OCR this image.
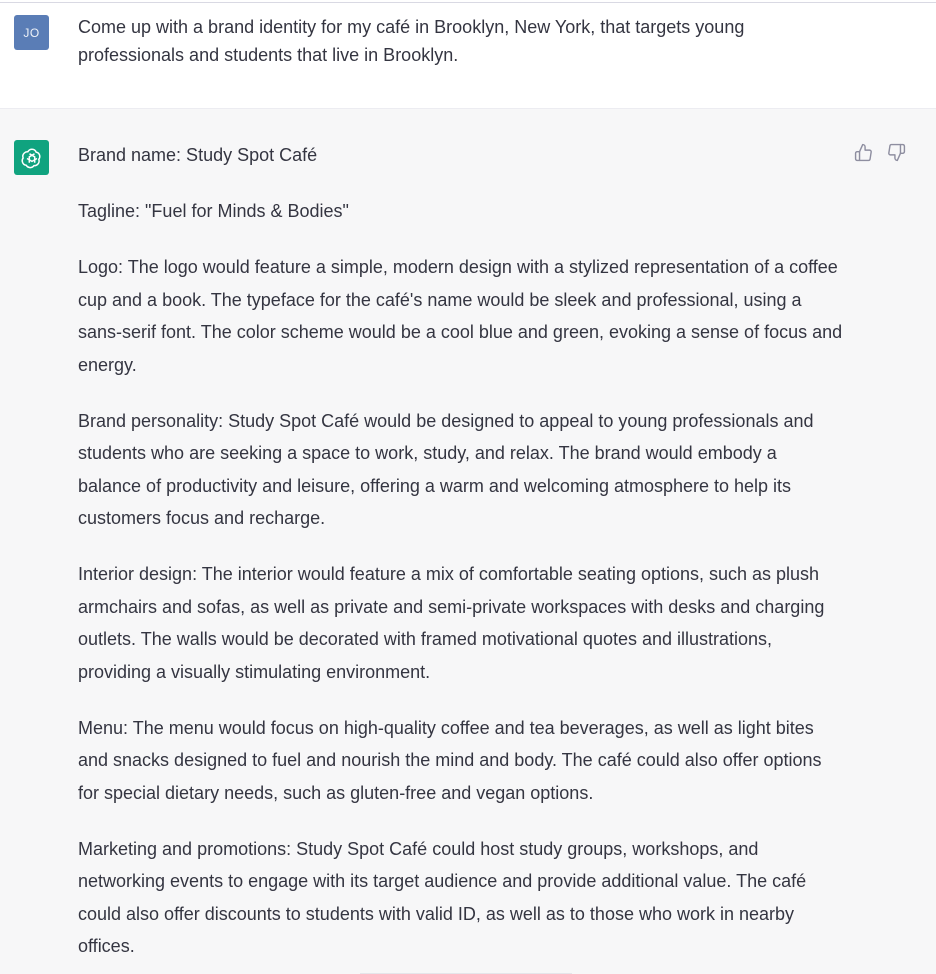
JO Come up with a brand identity for my café in Brooklyn, New York, that targets young professionals and students that live in Brooklyn.

Brand name: Study Spot Café

Tagline: "Fuel for Minds & Bodies"

Logo: The logo would feature a simple, modern design with a stylized representation of a coffee cup and a book. The typeface for the café's name would be sleek and professional, using a sans-serif font. The color scheme would be a cool blue and green, evoking a sense of focus and energy.

Brand personality: Study Spot Café would be designed to appeal to young professionals and students who are seeking a space to work, study, and relax. The brand would embody a balance of productivity and leisure, offering a warm and welcoming atmosphere to help its customers focus and recharge.

Interior design: The interior would feature a mix of comfortable seating options, such as plush armchairs and sofas, as well as private and semi-private workspaces with desks and charging outlets. The walls would be decorated with framed motivational quotes and illustrations, providing a visually stimulating environment.

Menu: The menu would focus on high-quality coffee and tea beverages, as well as light bites and snacks designed to fuel and nourish the mind and body. The café could also offer options for special dietary needs, such as gluten-free and vegan options.

Marketing and promotions: Study Spot Café could host study groups, workshops, and networking events to engage with its target audience and provide additional value. The café could also offer discounts to students with valid ID, as well as to those who work in nearby offices.
